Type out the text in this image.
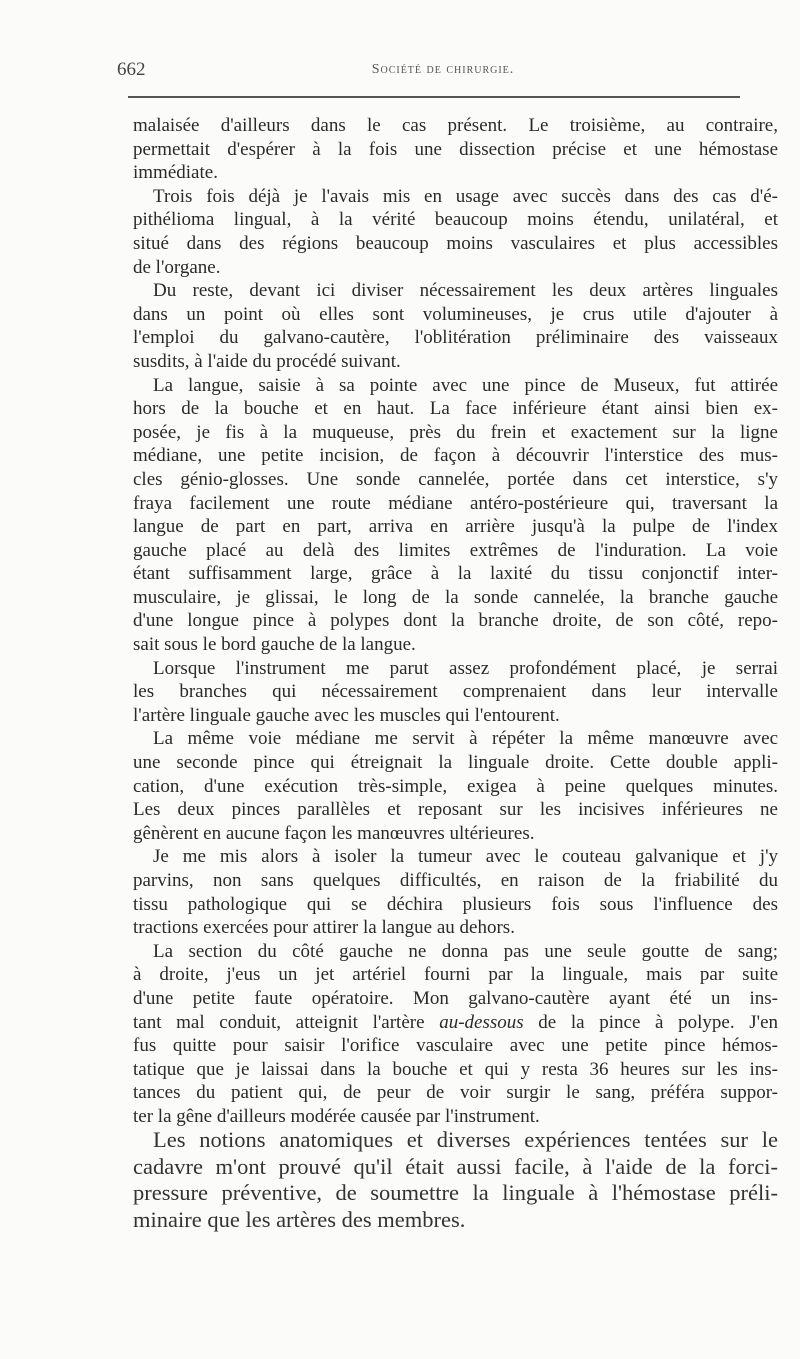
662	Société de chirurgie.
malaisée d'ailleurs dans le cas présent. Le troisième, au contraire,
permettait d'espérer à la fois une dissection précise et une hémostase
immédiate.
Trois fois déjà je l'avais mis en usage avec succès dans des cas d'é-
pithélioma lingual, à la vérité beaucoup moins étendu, unilatéral, et
situé dans des régions beaucoup moins vasculaires et plus accessibles
de l'organe.
Du reste, devant ici diviser nécessairement les deux artères linguales
dans un point où elles sont volumineuses, je crus utile d'ajouter à
l'emploi du galvano-cautère, l'oblitération préliminaire des vaisseaux
susdits, à l'aide du procédé suivant.
La langue, saisie à sa pointe avec une pince de Museux, fut attirée
hors de la bouche et en haut. La face inférieure étant ainsi bien ex-
posée, je fis à la muqueuse, près du frein et exactement sur la ligne
médiane, une petite incision, de façon à découvrir l'interstice des mus-
cles génio-glosses. Une sonde cannelée, portée dans cet interstice, s'y
fraya facilement une route médiane antéro-postérieure qui, traversant la
langue de part en part, arriva en arrière jusqu'à la pulpe de l'index
gauche placé au delà des limites extrêmes de l'induration. La voie
étant suffisamment large, grâce à la laxité du tissu conjonctif inter-
musculaire, je glissai, le long de la sonde cannelée, la branche gauche
d'une longue pince à polypes dont la branche droite, de son côté, repo-
sait sous le bord gauche de la langue.
Lorsque l'instrument me parut assez profondément placé, je serrai
les branches qui nécessairement comprenaient dans leur intervalle
l'artère linguale gauche avec les muscles qui l'entourent.
La même voie médiane me servit à répéter la même manœuvre avec
une seconde pince qui étreignait la linguale droite. Cette double appli-
cation, d'une exécution très-simple, exigea à peine quelques minutes.
Les deux pinces parallèles et reposant sur les incisives inférieures ne
gênèrent en aucune façon les manœuvres ultérieures.
Je me mis alors à isoler la tumeur avec le couteau galvanique et j'y
parvins, non sans quelques difficultés, en raison de la friabilité du
tissu pathologique qui se déchira plusieurs fois sous l'influence des
tractions exercées pour attirer la langue au dehors.
La section du côté gauche ne donna pas une seule goutte de sang;
à droite, j'eus un jet artériel fourni par la linguale, mais par suite
d'une petite faute opératoire. Mon galvano-cautère ayant été un ins-
tant mal conduit, atteignit l'artère au-dessous de la pince à polype. J'en
fus quitte pour saisir l'orifice vasculaire avec une petite pince hémos-
tatique que je laissai dans la bouche et qui y resta 36 heures sur les ins-
tances du patient qui, de peur de voir surgir le sang, préféra suppor-
ter la gêne d'ailleurs modérée causée par l'instrument.
Les notions anatomiques et diverses expériences tentées sur le
cadavre m'ont prouvé qu'il était aussi facile, à l'aide de la forci-
pressure préventive, de soumettre la linguale à l'hémostase préli-
minaire que les artères des membres.
